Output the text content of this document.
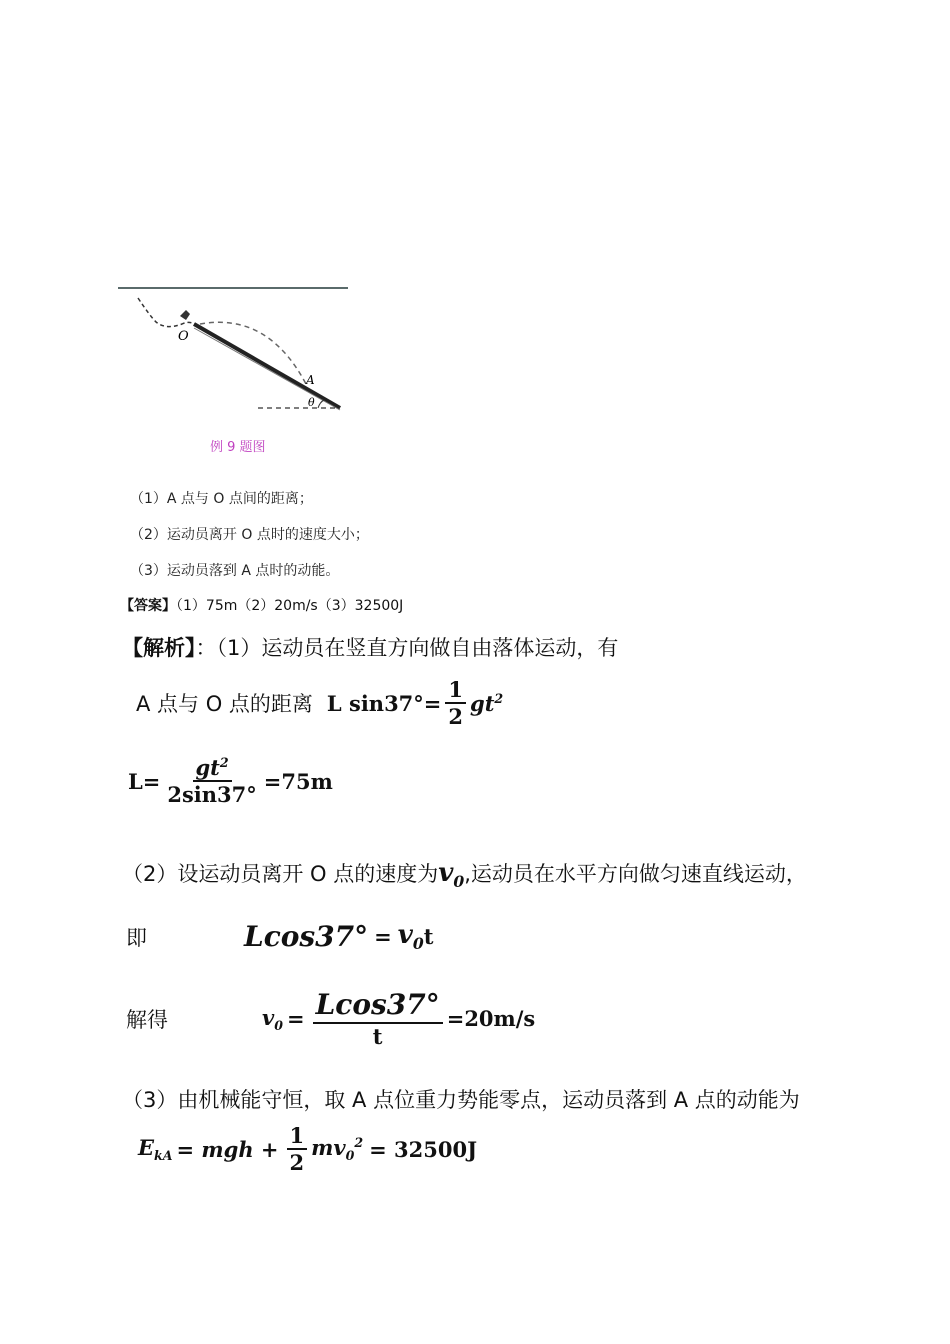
O
A
θ
例 9 题图
（1）A 点与 O 点间的距离；
（2）运动员离开 O 点时的速度大小；
（3）运动员落到 A 点时的动能。
【答案】（1）75m（2）20m/s（3）32500J
【解析】：（1）运动员在竖直方向做自由落体运动，有
A 点与 O 点的距离 L $\sin 37^\circ= \frac{1}{2} gt^2$
$L= \frac{gt^2}{2\sin 37^\circ} =75m$
（2）设运动员离开 O 点的速度为$v_0$,运动员在水平方向做匀速直线运动，
即	$Lcos37^\circ = v_0$ t
解得	$v_0 = \frac{Lcos37^\circ}{t} =20m/s$
（3）由机械能守恒，取 A 点位重力势能零点，运动员落到 A 点的动能为
$E_{kA}$ = mgh + $\frac{1}{2} mv_0^2 = 32500J$
